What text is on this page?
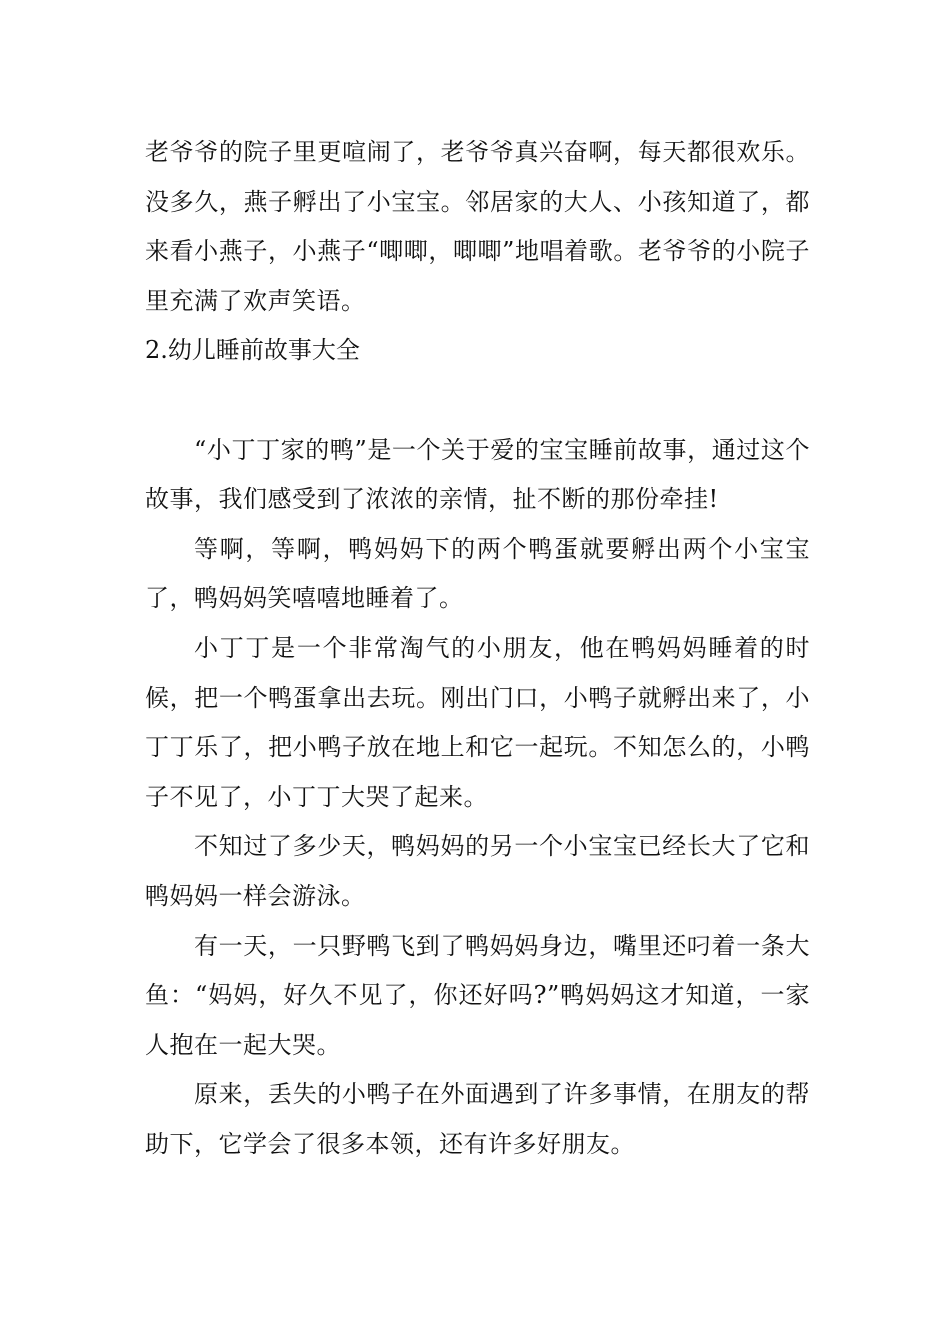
老爷爷的院子里更喧闹了，老爷爷真兴奋啊，每天都很欢乐。没多久，燕子孵出了小宝宝。邻居家的大人、小孩知道了，都来看小燕子，小燕子“唧唧，唧唧”地唱着歌。老爷爷的小院子里充满了欢声笑语。

2.幼儿睡前故事大全

“小丁丁家的鸭”是一个关于爱的宝宝睡前故事，通过这个故事，我们感受到了浓浓的亲情，扯不断的那份牵挂!

等啊，等啊，鸭妈妈下的两个鸭蛋就要孵出两个小宝宝了，鸭妈妈笑嘻嘻地睡着了。

小丁丁是一个非常淘气的小朋友，他在鸭妈妈睡着的时候，把一个鸭蛋拿出去玩。刚出门口，小鸭子就孵出来了，小丁丁乐了，把小鸭子放在地上和它一起玩。不知怎么的，小鸭子不见了，小丁丁大哭了起来。

不知过了多少天，鸭妈妈的另一个小宝宝已经长大了它和鸭妈妈一样会游泳。

有一天，一只野鸭飞到了鸭妈妈身边，嘴里还叼着一条大鱼：“妈妈，好久不见了，你还好吗?”鸭妈妈这才知道，一家人抱在一起大哭。

原来，丢失的小鸭子在外面遇到了许多事情，在朋友的帮助下，它学会了很多本领，还有许多好朋友。
